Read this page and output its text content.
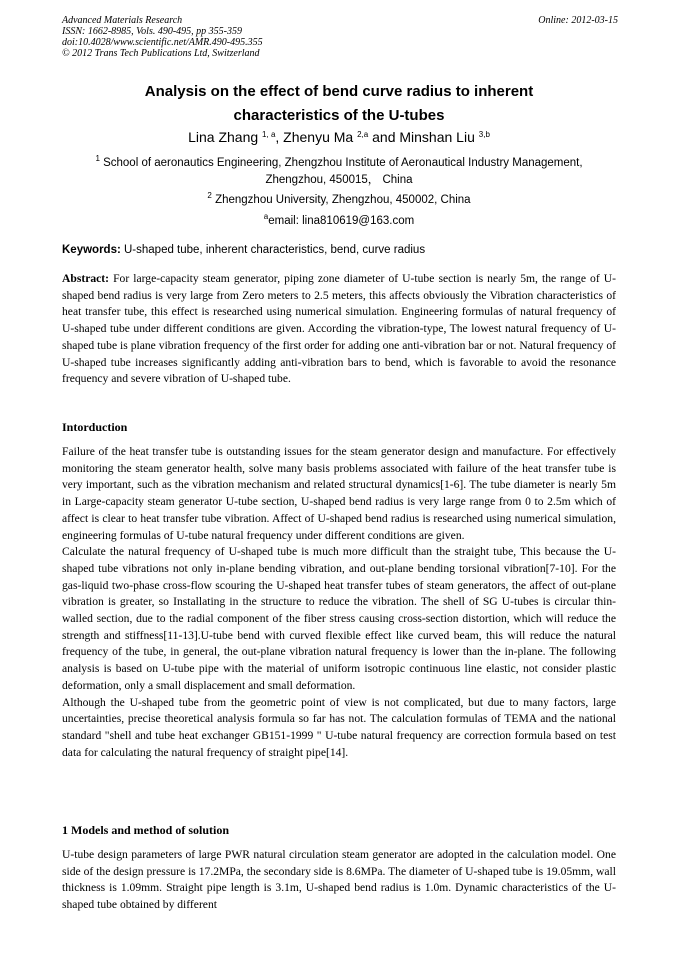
Advanced Materials Research
ISSN: 1662-8985, Vols. 490-495, pp 355-359
doi:10.4028/www.scientific.net/AMR.490-495.355
© 2012 Trans Tech Publications Ltd, Switzerland
Online: 2012-03-15
Analysis on the effect of bend curve radius to inherent
characteristics of the U-tubes
Lina Zhang $^{1, a}$, Zhenyu Ma $^{2,a}$ and Minshan Liu $^{3,b}$
$^1$ School of aeronautics Engineering, Zhengzhou Institute of Aeronautical Industry Management,
Zhengzhou, 450015， China
$^2$ Zhengzhou University, Zhengzhou, 450002, China
$^a$email: lina810619@163.com
Keywords: U-shaped tube, inherent characteristics, bend, curve radius

Abstract: For large-capacity steam generator, piping zone diameter of U-tube section is nearly 5m, the range of U-shaped bend radius is very large from Zero meters to 2.5 meters, this affects obviously the Vibration characteristics of heat transfer tube, this effect is researched using numerical simulation. Engineering formulas of natural frequency of U-shaped tube under different conditions are given. According the vibration-type, The lowest natural frequency of U-shaped tube is plane vibration frequency of the first order for adding one anti-vibration bar or not. Natural frequency of U-shaped tube increases significantly adding anti-vibration bars to bend, which is favorable to avoid the resonance frequency and severe vibration of U-shaped tube.

Intorduction

Failure of the heat transfer tube is outstanding issues for the steam generator design and manufacture. For effectively monitoring the steam generator health, solve many basis problems associated with failure of the heat transfer tube is very important, such as the vibration mechanism and related structural dynamics[1-6]. The tube diameter is nearly 5m in Large-capacity steam generator U-tube section, U-shaped bend radius is very large range from 0 to 2.5m which of affect is clear to heat transfer tube vibration. Affect of U-shaped bend radius is researched using numerical simulation, engineering formulas of U-tube natural frequency under different conditions are given.

Calculate the natural frequency of U-shaped tube is much more difficult than the straight tube, This because the U-shaped tube vibrations not only in-plane bending vibration, and out-plane bending torsional vibration[7-10]. For the gas-liquid two-phase cross-flow scouring the U-shaped heat transfer tubes of steam generators, the affect of out-plane vibration is greater, so Installating in the structure to reduce the vibration. The shell of SG U-tubes is circular thin-walled section, due to the radial component of the fiber stress causing cross-section distortion, which will reduce the strength and stiffness[11-13].U-tube bend with curved flexible effect like curved beam, this will reduce the natural frequency of the tube, in general, the out-plane vibration natural frequency is lower than the in-plane. The following analysis is based on U-tube pipe with the material of uniform isotropic continuous line elastic, not consider plastic deformation, only a small displacement and small deformation.

Although the U-shaped tube from the geometric point of view is not complicated, but due to many factors, large uncertainties, precise theoretical analysis formula so far has not. The calculation formulas of TEMA and the national standard "shell and tube heat exchanger GB151-1999 " U-tube natural frequency are correction formula based on test data for calculating the natural frequency of straight pipe[14].

1 Models and method of solution

U-tube design parameters of large PWR natural circulation steam generator are adopted in the calculation model. One side of the design pressure is 17.2MPa, the secondary side is 8.6MPa. The diameter of U-shaped tube is 19.05mm, wall thickness is 1.09mm. Straight pipe length is 3.1m, U-shaped bend radius is 1.0m. Dynamic characteristics of the U-shaped tube obtained by different
